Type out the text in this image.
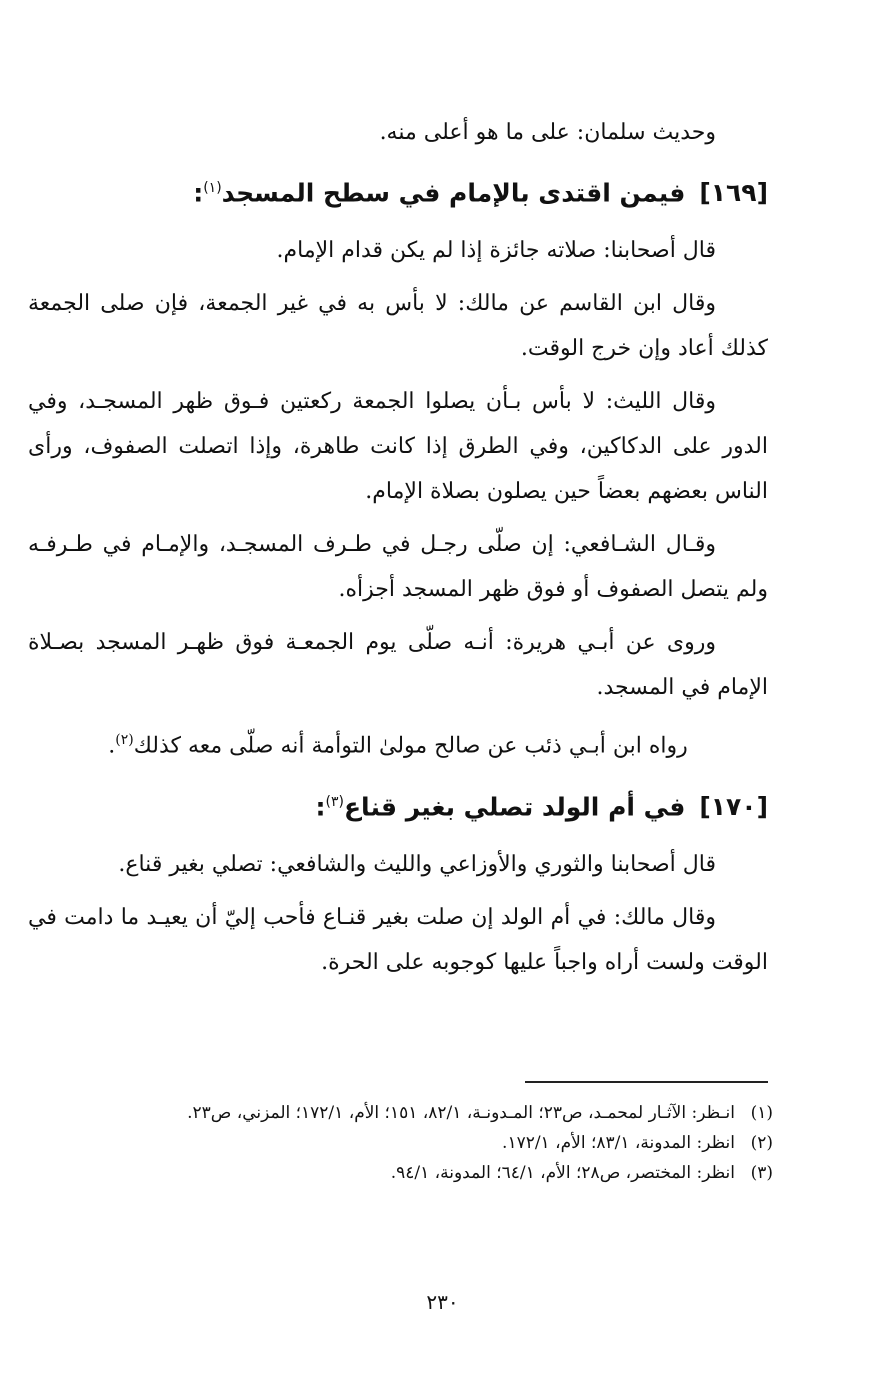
وحديث سلمان: على ما هو أعلى منه.

[١٦٩]فيمن اقتدى بالإمام في سطح المسجد$^{(١)}$:

قال أصحابنا: صلاته جائزة إذا لم يكن قدام الإمام.

وقال ابن القاسم عن مالك: لا بأس به في غير الجمعة، فإن صلى الجمعة كذلك أعاد وإن خرج الوقت.

وقال الليث: لا بأس بـأن يصلوا الجمعة ركعتين فـوق ظهر المسجـد، وفي الدور على الدكاكين، وفي الطرق إذا كانت طاهرة، وإذا اتصلت الصفوف، ورأى الناس بعضهم بعضاً حين يصلون بصلاة الإمام.

وقـال الشـافعي: إن صلّى رجـل في طـرف المسجـد، والإمـام في طـرفـه ولم يتصل الصفوف أو فوق ظهر المسجد أجزأه.

وروى عن أبـي هريرة: أنـه صلّى يوم الجمعـة فوق ظهـر المسجد بصـلاة الإمام في المسجد.

رواه ابن أبـي ذئب عن صالح مولىٰ التوأمة أنه صلّى معه كذلك$^{(٢)}$.

[١٧٠]في أم الولد تصلي بغير قناع$^{(٣)}$:

قال أصحابنا والثوري والأوزاعي والليث والشافعي: تصلي بغير قناع.

وقال مالك: في أم الولد إن صلت بغير قنـاع فأحب إليّ أن يعيـد ما دامت في الوقت ولست أراه واجباً عليها كوجوبه على الحرة.

(١)
انـظر: الآثـار لمحمـد، ص٢٣؛ المـدونـة، ٨٢/١، ١٥١؛ الأم، ١٧٢/١؛ المزني، ص٢٣.
(٢)
انظر: المدونة، ٨٣/١؛ الأم، ١٧٢/١.
(٣)
انظر: المختصر، ص٢٨؛ الأم، ٦٤/١؛ المدونة، ٩٤/١.
٢٣٠
